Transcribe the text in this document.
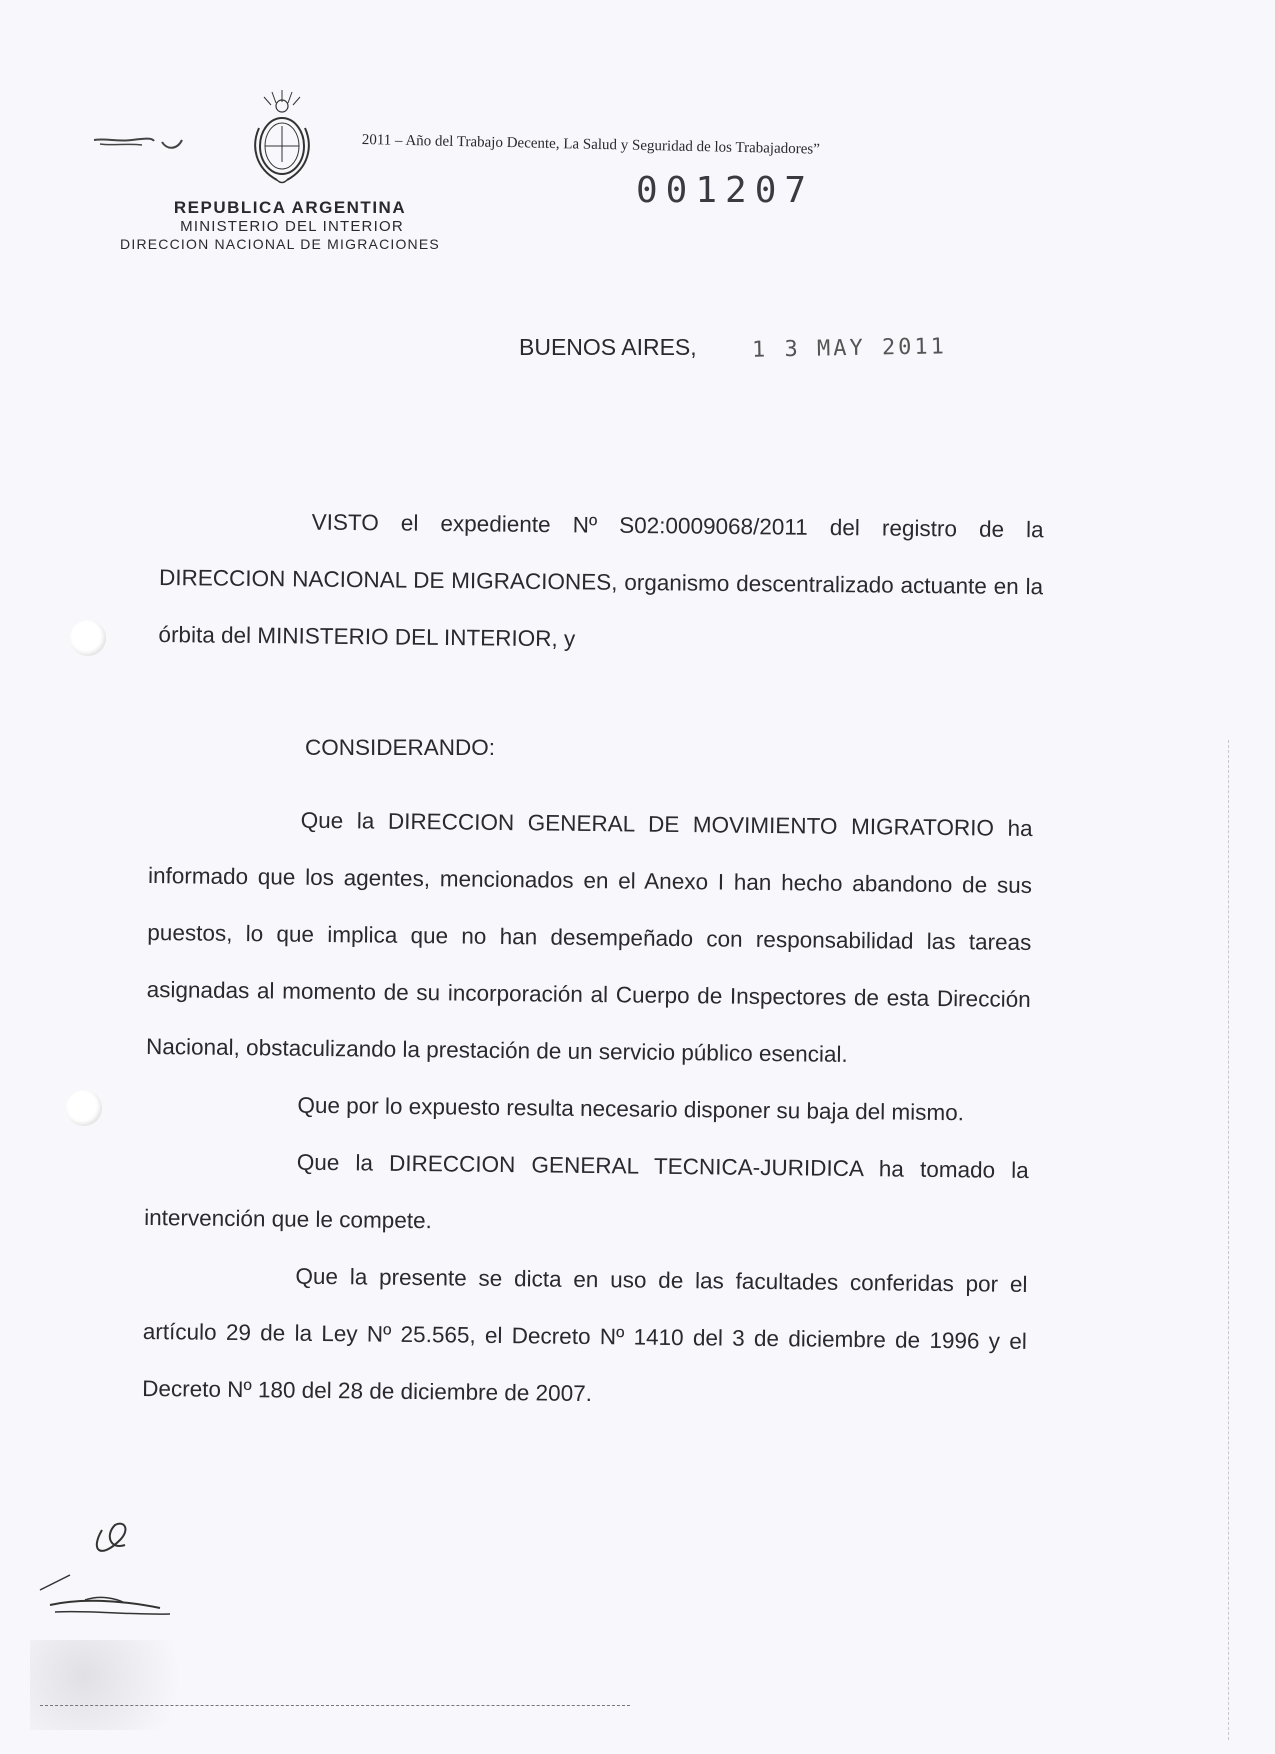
REPUBLICA ARGENTINA
MINISTERIO DEL INTERIOR
DIRECCION NACIONAL DE MIGRACIONES
2011 – Año del Trabajo Decente, La Salud y Seguridad de los Trabajadores”
001207
BUENOS AIRES,	1 3 MAY 2011
VISTO el expediente Nº S02:0009068/2011 del registro de la DIRECCION NACIONAL DE MIGRACIONES, organismo descentralizado actuante en la órbita del MINISTERIO DEL INTERIOR, y
CONSIDERANDO:

Que la DIRECCION GENERAL DE MOVIMIENTO MIGRATORIO ha informado que los agentes, mencionados en el Anexo I han hecho abandono de sus puestos, lo que implica que no han desempeñado con responsabilidad las tareas asignadas al momento de su incorporación al Cuerpo de Inspectores de esta Dirección Nacional, obstaculizando la prestación de un servicio público esencial.

Que por lo expuesto resulta necesario disponer su baja del mismo.

Que la DIRECCION GENERAL TECNICA-JURIDICA ha tomado la intervención que le compete.

Que la presente se dicta en uso de las facultades conferidas por el artículo 29 de la Ley Nº 25.565, el Decreto Nº 1410 del 3 de diciembre de 1996 y el Decreto Nº 180 del 28 de diciembre de 2007.
